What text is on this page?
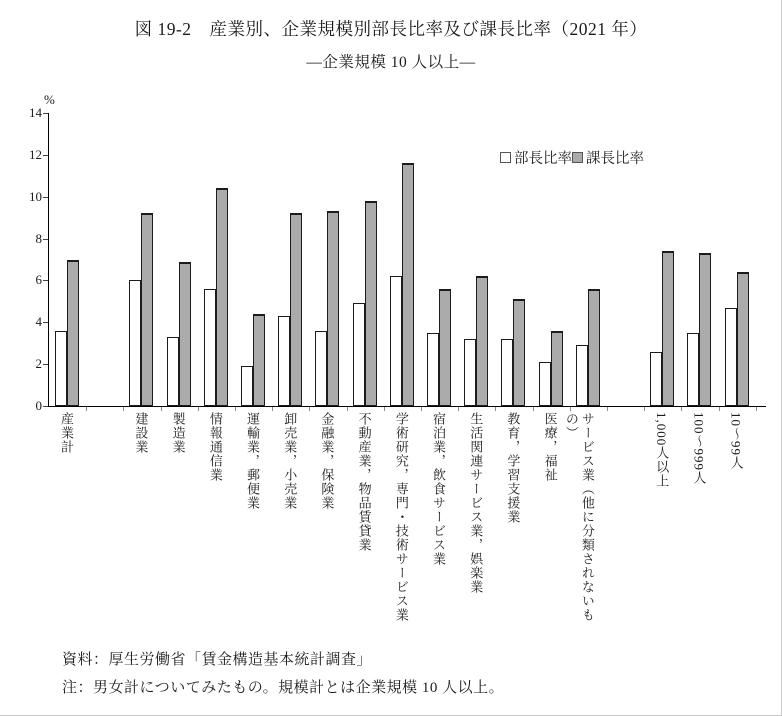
図 19-2　産業別、企業規模別部長比率及び課長比率（2021 年）
―企業規模 10 人以上―
%
0
2
4
6
8
10
12
14
産業計	建設業 製造業 情報通信業 運輸業，郵便業 卸売業，小売業 金融業，保険業 不動産業，物品賃貸業 学術研究，専門・技術サービス業 宿泊業，飲食サービス業 生活関連サービス業，娯楽業 教育，学習支援業 医療，福祉	サービス業（他に分類されないもの）	1,000人以上 100〜999人 10〜99人
部長比率 課長比率
資料：厚生労働省「賃金構造基本統計調査」
注：男女計についてみたもの。規模計とは企業規模 10 人以上。
